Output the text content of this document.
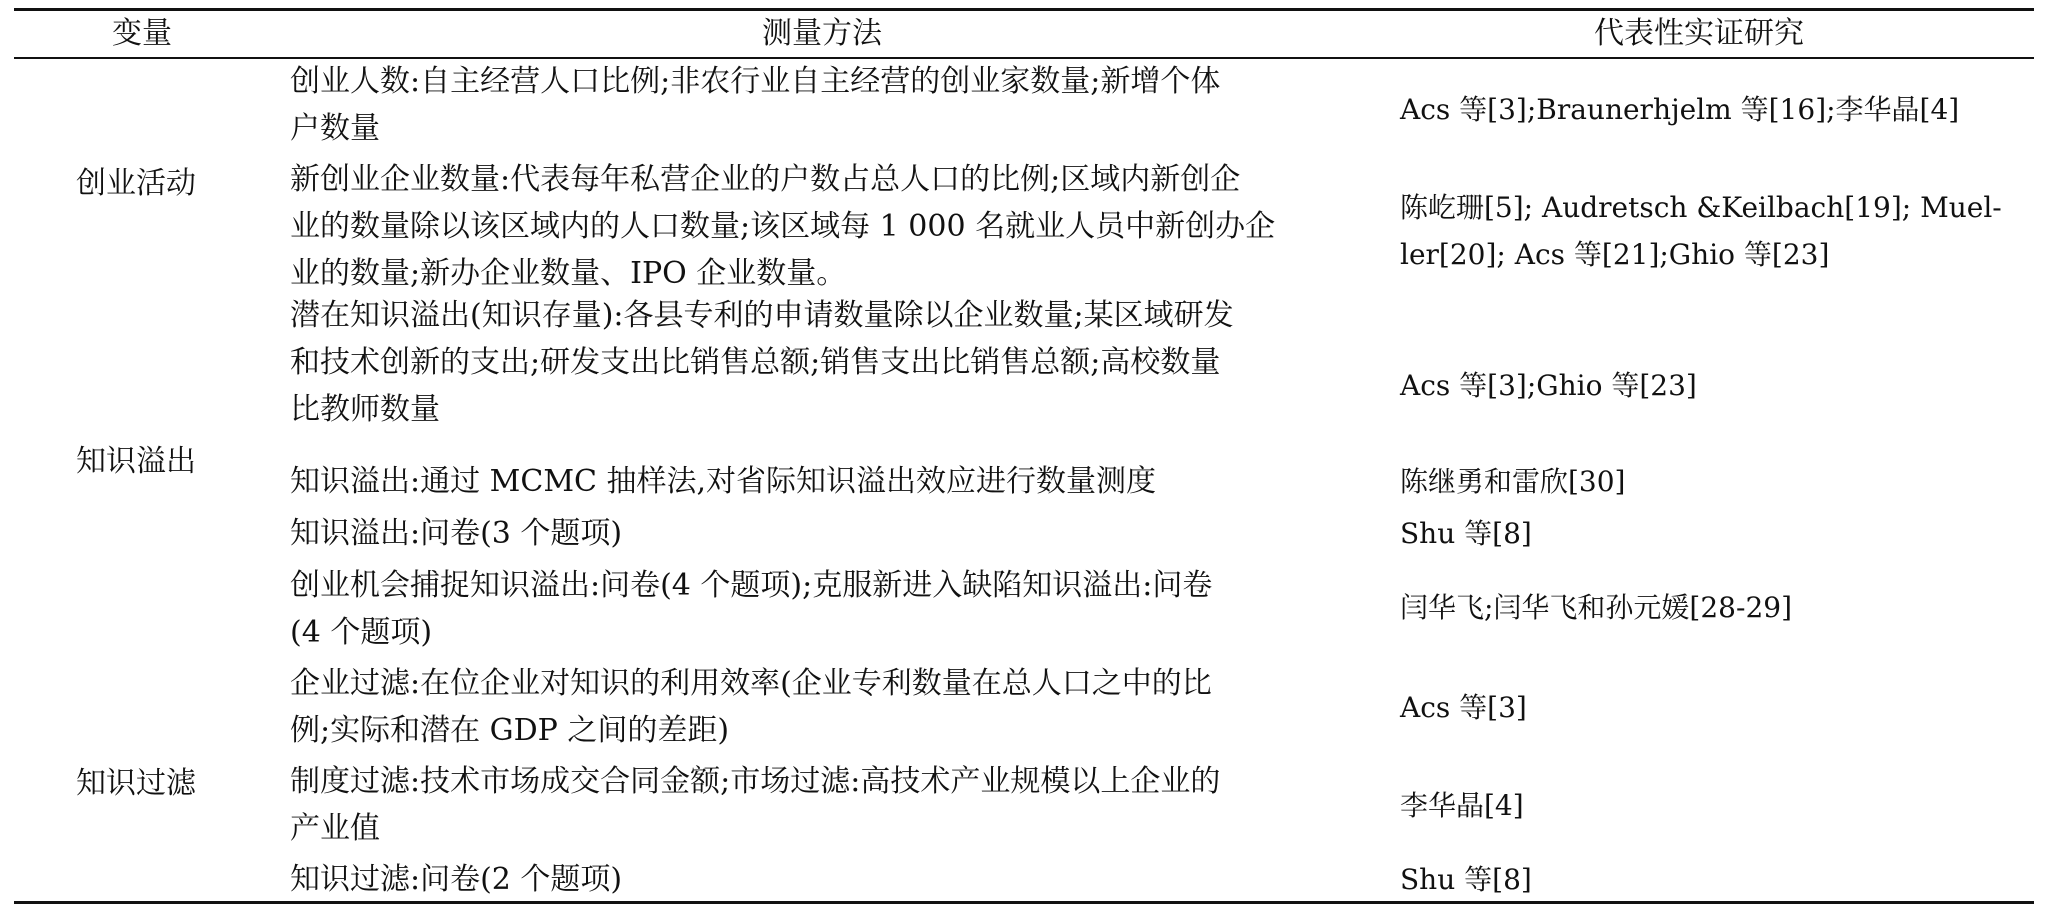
变量	测量方法	代表性实证研究
创业活动
知识溢出
知识过滤
创业人数:自主经营人口比例;非农行业自主经营的创业家数量;新增个体
户数量
新创业企业数量:代表每年私营企业的户数占总人口的比例;区域内新创企
业的数量除以该区域内的人口数量;该区域每 1 000 名就业人员中新创办企
业的数量;新办企业数量、IPO 企业数量。
潜在知识溢出(知识存量):各县专利的申请数量除以企业数量;某区域研发
和技术创新的支出;研发支出比销售总额;销售支出比销售总额;高校数量
比教师数量
知识溢出:通过 MCMC 抽样法,对省际知识溢出效应进行数量测度
知识溢出:问卷(3 个题项)
创业机会捕捉知识溢出:问卷(4 个题项);克服新进入缺陷知识溢出:问卷
(4 个题项)
企业过滤:在位企业对知识的利用效率(企业专利数量在总人口之中的比
例;实际和潜在 GDP 之间的差距)
制度过滤:技术市场成交合同金额;市场过滤:高技术产业规模以上企业的
产业值
知识过滤:问卷(2 个题项)
Acs 等[3];Braunerhjelm 等[16];李华晶[4]
陈屹珊[5]; Audretsch &Keilbach[19]; Muel-
ler[20]; Acs 等[21];Ghio 等[23]
Acs 等[3];Ghio 等[23]
陈继勇和雷欣[30]
Shu 等[8]
闫华飞;闫华飞和孙元媛[28-29]
Acs 等[3]
李华晶[4]
Shu 等[8]
